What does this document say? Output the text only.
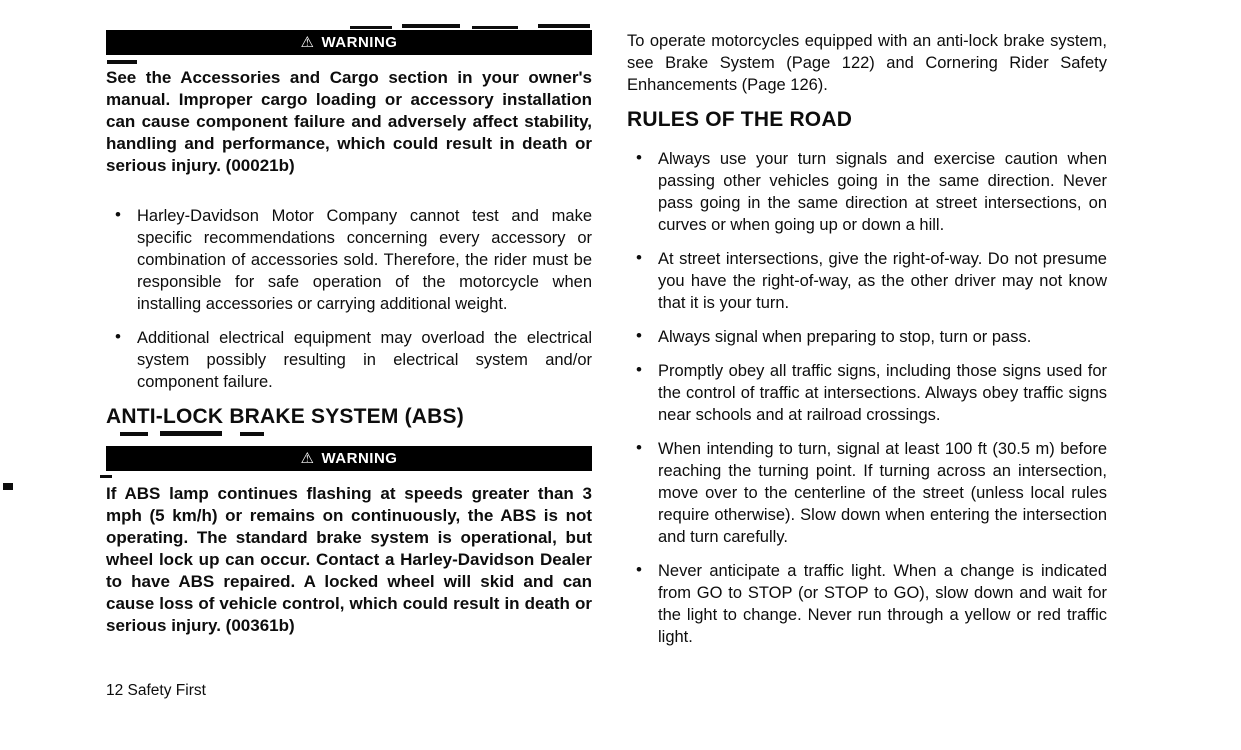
⚠ WARNING

See the Accessories and Cargo section in your owner's manual. Improper cargo loading or accessory installation can cause component failure and adversely affect stability, handling and performance, which could result in death or serious injury. (00021b)

• Harley-Davidson Motor Company cannot test and make specific recommendations concerning every accessory or combination of accessories sold. Therefore, the rider must be responsible for safe operation of the motorcycle when installing accessories or carrying additional weight.
• Additional electrical equipment may overload the electrical system possibly resulting in electrical system and/or component failure.
ANTI-LOCK BRAKE SYSTEM (ABS)
⚠ WARNING

If ABS lamp continues flashing at speeds greater than 3 mph (5 km/h) or remains on continuously, the ABS is not operating. The standard brake system is operational, but wheel lock up can occur. Contact a Harley-Davidson Dealer to have ABS repaired. A locked wheel will skid and can cause loss of vehicle control, which could result in death or serious injury. (00361b)

To operate motorcycles equipped with an anti-lock brake system, see Brake System (Page 122) and Cornering Rider Safety Enhancements (Page 126).

RULES OF THE ROAD
• Always use your turn signals and exercise caution when passing other vehicles going in the same direction. Never pass going in the same direction at street intersections, on curves or when going up or down a hill.
• At street intersections, give the right-of-way. Do not presume you have the right-of-way, as the other driver may not know that it is your turn.
• Always signal when preparing to stop, turn or pass.
• Promptly obey all traffic signs, including those signs used for the control of traffic at intersections. Always obey traffic signs near schools and at railroad crossings.
• When intending to turn, signal at least 100 ft (30.5 m) before reaching the turning point. If turning across an intersection, move over to the centerline of the street (unless local rules require otherwise). Slow down when entering the intersection and turn carefully.
• Never anticipate a traffic light. When a change is indicated from GO to STOP (or STOP to GO), slow down and wait for the light to change. Never run through a yellow or red traffic light.
12 Safety First
